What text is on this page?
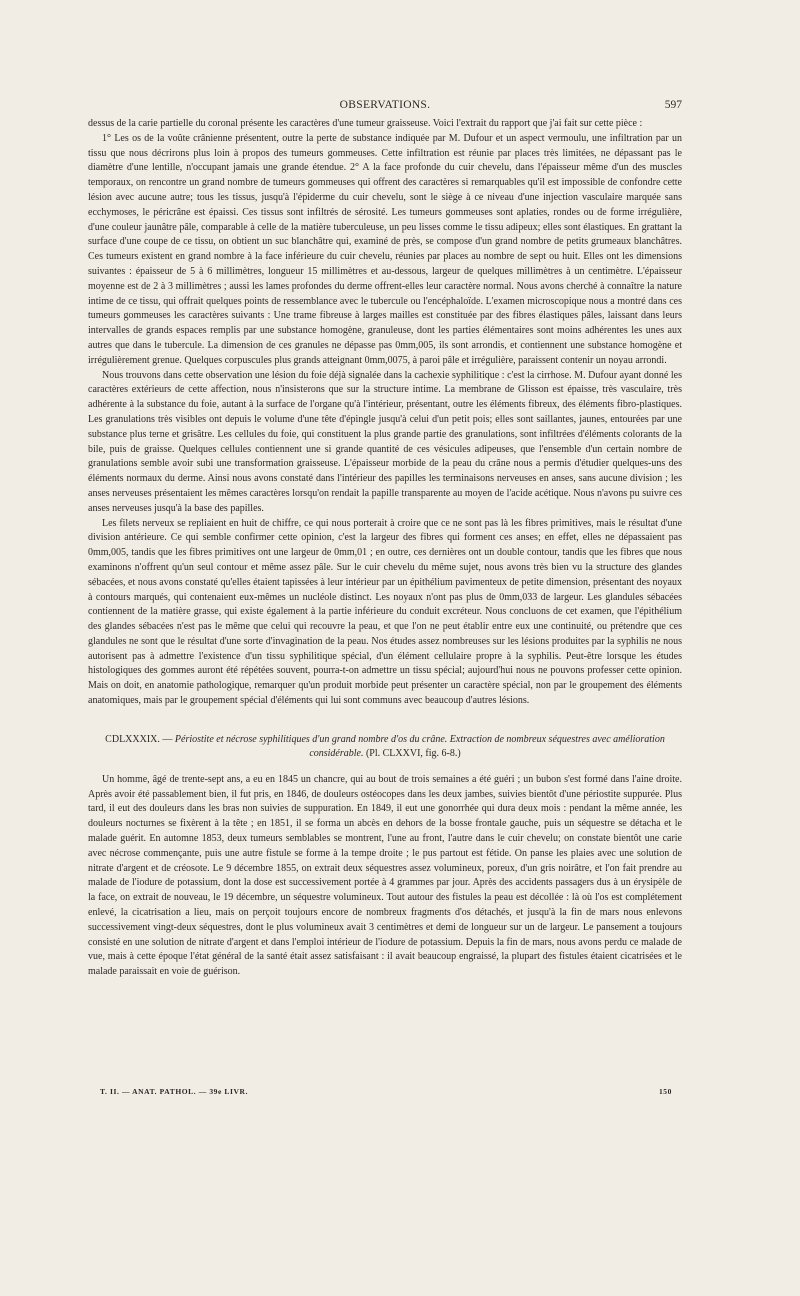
OBSERVATIONS.	597

dessus de la carie partielle du coronal présente les caractères d'une tumeur graisseuse. Voici l'extrait du rapport que j'ai fait sur cette pièce :

1° Les os de la voûte crânienne présentent, outre la perte de substance indiquée par M. Dufour et un aspect vermoulu, une infiltration par un tissu que nous décrirons plus loin à propos des tumeurs gommeuses. Cette infiltration est réunie par places très limitées, ne dépassant pas le diamètre d'une lentille, n'occupant jamais une grande étendue. 2° A la face profonde du cuir chevelu, dans l'épaisseur même d'un des muscles temporaux, on rencontre un grand nombre de tumeurs gommeuses qui offrent des caractères si remarquables qu'il est impossible de confondre cette lésion avec aucune autre; tous les tissus, jusqu'à l'épiderme du cuir chevelu, sont le siège à ce niveau d'une injection vasculaire marquée sans ecchymoses, le péricrâne est épaissi. Ces tissus sont infiltrés de sérosité. Les tumeurs gommeuses sont aplaties, rondes ou de forme irrégulière, d'une couleur jaunâtre pâle, comparable à celle de la matière tuberculeuse, un peu lisses comme le tissu adipeux; elles sont élastiques. En grattant la surface d'une coupe de ce tissu, on obtient un suc blanchâtre qui, examiné de près, se compose d'un grand nombre de petits grumeaux blanchâtres. Ces tumeurs existent en grand nombre à la face inférieure du cuir chevelu, réunies par places au nombre de sept ou huit. Elles ont les dimensions suivantes : épaisseur de 5 à 6 millimètres, longueur 15 millimètres et au-dessous, largeur de quelques millimètres à un centimètre. L'épaisseur moyenne est de 2 à 3 millimètres ; aussi les lames profondes du derme offrent-elles leur caractère normal. Nous avons cherché à connaître la nature intime de ce tissu, qui offrait quelques points de ressemblance avec le tubercule ou l'encéphaloïde. L'examen microscopique nous a montré dans ces tumeurs gommeuses les caractères suivants : Une trame fibreuse à larges mailles est constituée par des fibres élastiques pâles, laissant dans leurs intervalles de grands espaces remplis par une substance homogène, granuleuse, dont les parties élémentaires sont moins adhérentes les unes aux autres que dans le tubercule. La dimension de ces granules ne dépasse pas 0mm,005, ils sont arrondis, et contiennent une substance homogène et irrégulièrement grenue. Quelques corpuscules plus grands atteignant 0mm,0075, à paroi pâle et irrégulière, paraissent contenir un noyau arrondi.

Nous trouvons dans cette observation une lésion du foie déjà signalée dans la cachexie syphilitique : c'est la cirrhose. M. Dufour ayant donné les caractères extérieurs de cette affection, nous n'insisterons que sur la structure intime. La membrane de Glisson est épaisse, très vasculaire, très adhérente à la substance du foie, autant à la surface de l'organe qu'à l'intérieur, présentant, outre les éléments fibreux, des éléments fibro-plastiques. Les granulations très visibles ont depuis le volume d'une tête d'épingle jusqu'à celui d'un petit pois; elles sont saillantes, jaunes, entourées par une substance plus terne et grisâtre. Les cellules du foie, qui constituent la plus grande partie des granulations, sont infiltrées d'éléments colorants de la bile, puis de graisse. Quelques cellules contiennent une si grande quantité de ces vésicules adipeuses, que l'ensemble d'un certain nombre de granulations semble avoir subi une transformation graisseuse. L'épaisseur morbide de la peau du crâne nous a permis d'étudier quelques-uns des éléments normaux du derme. Ainsi nous avons constaté dans l'intérieur des papilles les terminaisons nerveuses en anses, sans aucune division ; les anses nerveuses présentaient les mêmes caractères lorsqu'on rendait la papille transparente au moyen de l'acide acétique. Nous n'avons pu suivre ces anses nerveuses jusqu'à la base des papilles.

Les filets nerveux se repliaient en huit de chiffre, ce qui nous porterait à croire que ce ne sont pas là les fibres primitives, mais le résultat d'une division antérieure. Ce qui semble confirmer cette opinion, c'est la largeur des fibres qui forment ces anses; en effet, elles ne dépassaient pas 0mm,005, tandis que les fibres primitives ont une largeur de 0mm,01 ; en outre, ces dernières ont un double contour, tandis que les fibres que nous examinons n'offrent qu'un seul contour et même assez pâle. Sur le cuir chevelu du même sujet, nous avons très bien vu la structure des glandes sébacées, et nous avons constaté qu'elles étaient tapissées à leur intérieur par un épithélium pavimenteux de petite dimension, présentant des noyaux à contours marqués, qui contenaient eux-mêmes un nucléole distinct. Les noyaux n'ont pas plus de 0mm,033 de largeur. Les glandules sébacées contiennent de la matière grasse, qui existe également à la partie inférieure du conduit excréteur. Nous concluons de cet examen, que l'épithélium des glandes sébacées n'est pas le même que celui qui recouvre la peau, et que l'on ne peut établir entre eux une continuité, ou prétendre que ces glandules ne sont que le résultat d'une sorte d'invagination de la peau. Nos études assez nombreuses sur les lésions produites par la syphilis ne nous autorisent pas à admettre l'existence d'un tissu syphilitique spécial, d'un élément cellulaire propre à la syphilis. Peut-être lorsque les études histologiques des gommes auront été répétées souvent, pourra-t-on admettre un tissu spécial; aujourd'hui nous ne pouvons professer cette opinion. Mais on doit, en anatomie pathologique, remarquer qu'un produit morbide peut présenter un caractère spécial, non par le groupement des éléments anatomiques, mais par le groupement spécial d'éléments qui lui sont communs avec beaucoup d'autres lésions.

CDLXXXIX. — Périostite et nécrose syphilitiques d'un grand nombre d'os du crâne. Extraction de nombreux séquestres avec amélioration considérable. (Pl. CLXXVI, fig. 6-8.)

Un homme, âgé de trente-sept ans, a eu en 1845 un chancre, qui au bout de trois semaines a été guéri ; un bubon s'est formé dans l'aine droite. Après avoir été passablement bien, il fut pris, en 1846, de douleurs ostéocopes dans les deux jambes, suivies bientôt d'une périostite suppurée. Plus tard, il eut des douleurs dans les bras non suivies de suppuration. En 1849, il eut une gonorrhée qui dura deux mois : pendant la même année, les douleurs nocturnes se fixèrent à la tête ; en 1851, il se forma un abcès en dehors de la bosse frontale gauche, puis un séquestre se détacha et le malade guérit. En automne 1853, deux tumeurs semblables se montrent, l'une au front, l'autre dans le cuir chevelu; on constate bientôt une carie avec nécrose commençante, puis une autre fistule se forme à la tempe droite ; le pus partout est fétide. On panse les plaies avec une solution de nitrate d'argent et de créosote. Le 9 décembre 1855, on extrait deux séquestres assez volumineux, poreux, d'un gris noirâtre, et l'on fait prendre au malade de l'iodure de potassium, dont la dose est successivement portée à 4 grammes par jour. Après des accidents passagers dus à un érysipèle de la face, on extrait de nouveau, le 19 décembre, un séquestre volumineux. Tout autour des fistules la peau est décollée : là où l'os est complétement enlevé, la cicatrisation a lieu, mais on perçoit toujours encore de nombreux fragments d'os détachés, et jusqu'à la fin de mars nous enlevons successivement vingt-deux séquestres, dont le plus volumineux avait 3 centimètres et demi de longueur sur un de largeur. Le pansement a toujours consisté en une solution de nitrate d'argent et dans l'emploi intérieur de l'iodure de potassium. Depuis la fin de mars, nous avons perdu ce malade de vue, mais à cette époque l'état général de la santé était assez satisfaisant : il avait beaucoup engraissé, la plupart des fistules étaient cicatrisées et le malade paraissait en voie de guérison.

T. II. — ANAT. PATHOL. — 39e LIVR.	150
